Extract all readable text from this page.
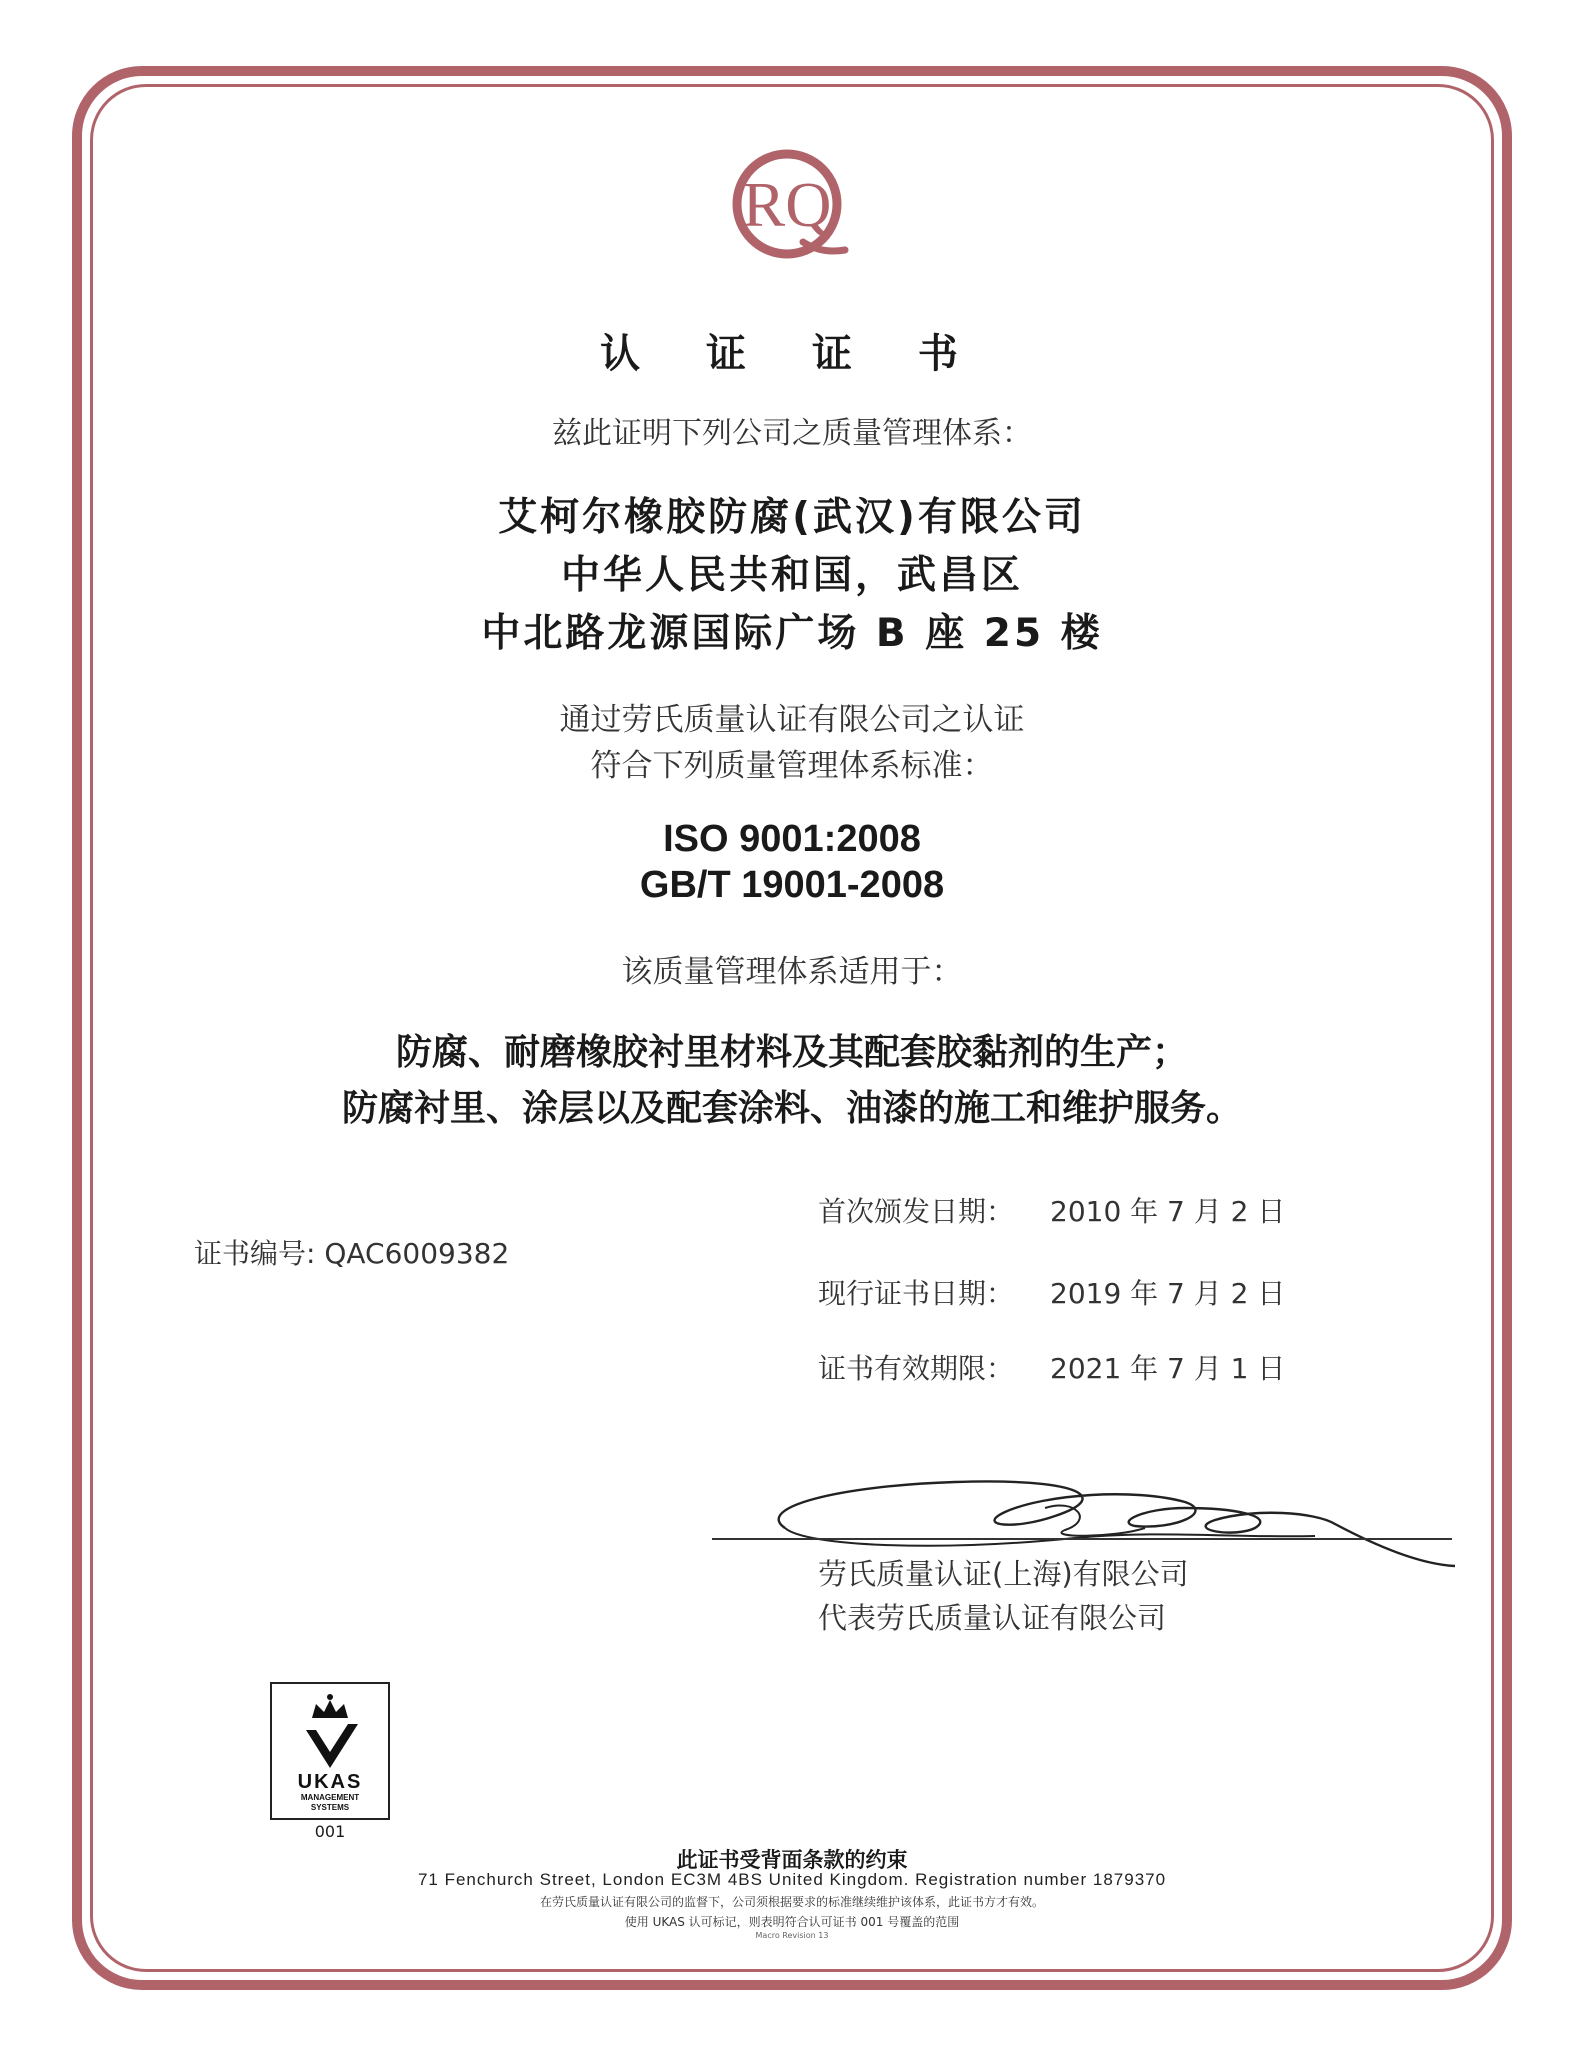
RQ
认 证 证 书
兹此证明下列公司之质量管理体系：
艾柯尔橡胶防腐(武汉)有限公司
中华人民共和国，武昌区
中北路龙源国际广场 B 座 25 楼
通过劳氏质量认证有限公司之认证
符合下列质量管理体系标准：
ISO 9001:2008
GB/T 19001-2008
该质量管理体系适用于：
防腐、耐磨橡胶衬里材料及其配套胶黏剂的生产；
防腐衬里、涂层以及配套涂料、油漆的施工和维护服务。
首次颁发日期： 2010 年 7 月 2 日
证书编号: QAC6009382
现行证书日期： 2019 年 7 月 2 日
证书有效期限： 2021 年 7 月 1 日
劳氏质量认证(上海)有限公司
代表劳氏质量认证有限公司
UKAS
MANAGEMENT
SYSTEMS
001
此证书受背面条款的约束
71 Fenchurch Street, London EC3M 4BS United Kingdom. Registration number 1879370
在劳氏质量认证有限公司的监督下，公司须根据要求的标准继续维护该体系，此证书方才有效。
使用 UKAS 认可标记，则表明符合认可证书 001 号覆盖的范围
Macro Revision 13
